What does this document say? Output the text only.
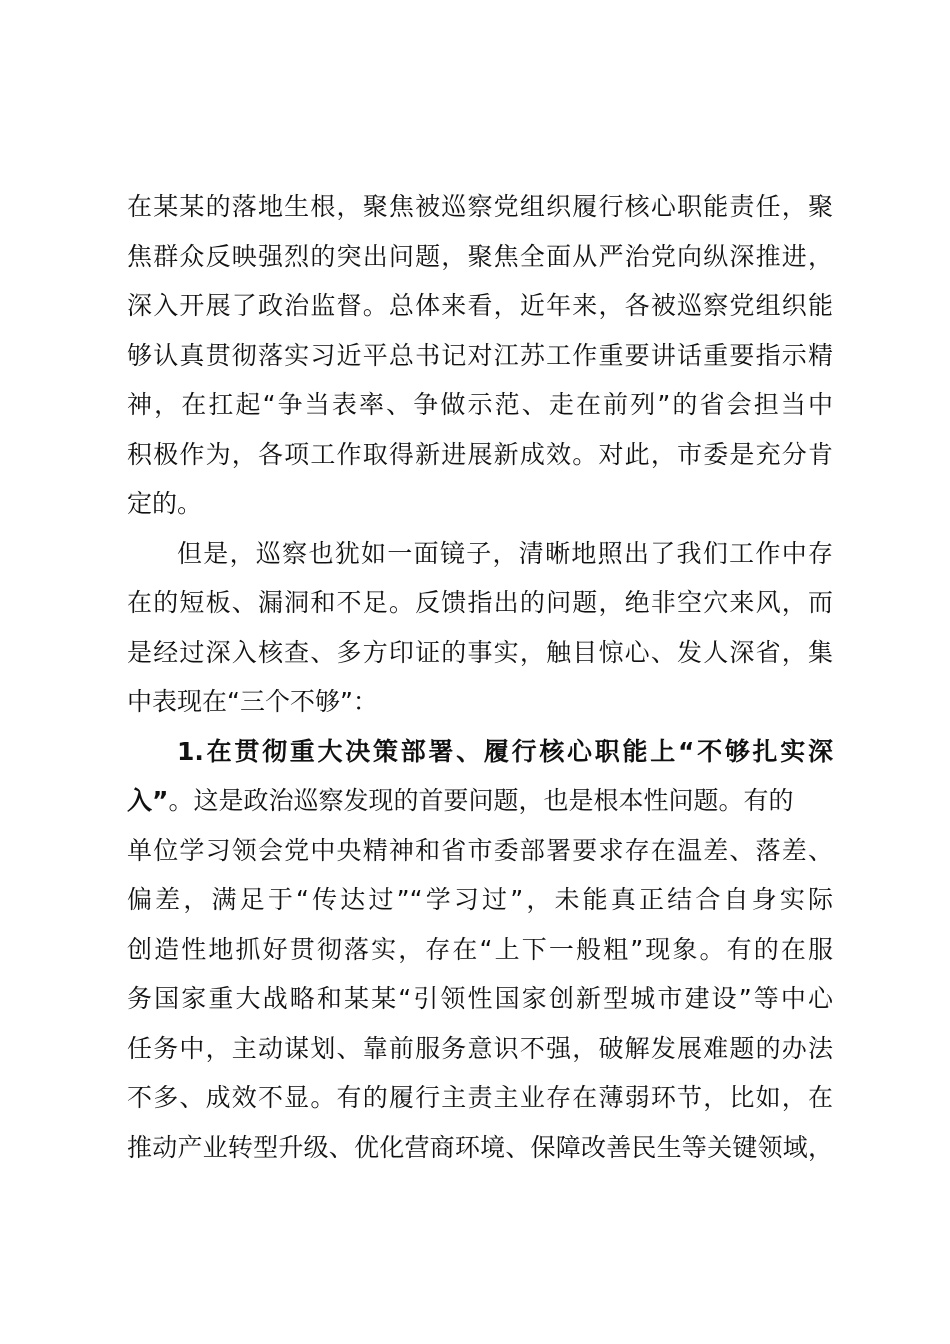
在某某的落地生根，聚焦被巡察党组织履行核心职能责任，聚
焦群众反映强烈的突出问题，聚焦全面从严治党向纵深推进，
深入开展了政治监督。总体来看，近年来，各被巡察党组织能
够认真贯彻落实习近平总书记对江苏工作重要讲话重要指示精
神，在扛起“争当表率、争做示范、走在前列”的省会担当中
积极作为，各项工作取得新进展新成效。对此，市委是充分肯
定的。
但是，巡察也犹如一面镜子，清晰地照出了我们工作中存
在的短板、漏洞和不足。反馈指出的问题，绝非空穴来风，而
是经过深入核查、多方印证的事实，触目惊心、发人深省，集
中表现在“三个不够”：
1.在贯彻重大决策部署、履行核心职能上“不够扎实深
入”。这是政治巡察发现的首要问题，也是根本性问题。有的
单位学习领会党中央精神和省市委部署要求存在温差、落差、
偏差，满足于“传达过”“学习过”，未能真正结合自身实际
创造性地抓好贯彻落实，存在“上下一般粗”现象。有的在服
务国家重大战略和某某“引领性国家创新型城市建设”等中心
任务中，主动谋划、靠前服务意识不强，破解发展难题的办法
不多、成效不显。有的履行主责主业存在薄弱环节，比如，在
推动产业转型升级、优化营商环境、保障改善民生等关键领域，
